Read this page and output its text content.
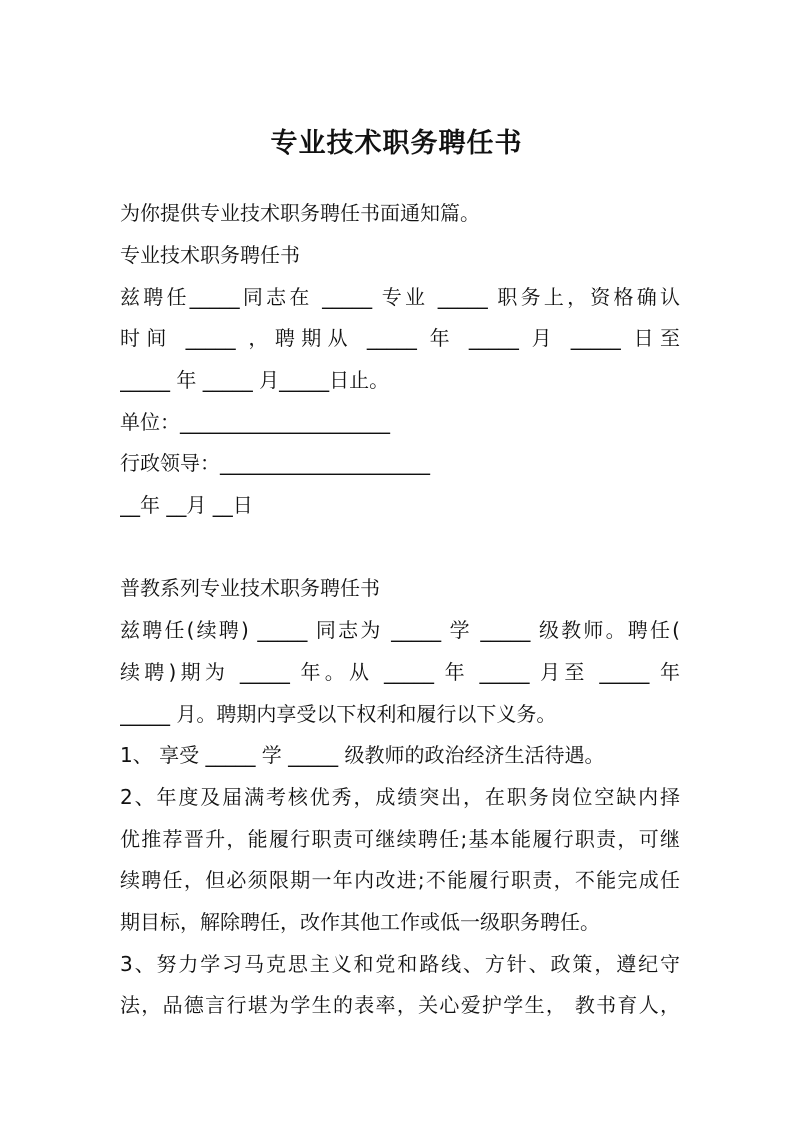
专业技术职务聘任书
为你提供专业技术职务聘任书面通知篇。
专业技术职务聘任书
兹聘任_____同志在 _____ 专业 _____ 职务上，资格确认
时间 _____ ，聘期从 _____ 年 _____ 月 _____ 日至
_____ 年 _____ 月_____日止。
单位：_____________________
行政领导：_____________________
__年 __月 __日
普教系列专业技术职务聘任书
兹聘任(续聘) _____ 同志为 _____ 学 _____ 级教师。聘任(
续聘)期为 _____ 年。从 _____ 年 _____ 月至 _____ 年
_____ 月。聘期内享受以下权利和履行以下义务。
1、 享受 _____ 学 _____ 级教师的政治经济生活待遇。
2、年度及届满考核优秀，成绩突出，在职务岗位空缺内择
优推荐晋升，能履行职责可继续聘任;基本能履行职责，可继
续聘任，但必须限期一年内改进;不能履行职责，不能完成任
期目标，解除聘任，改作其他工作或低一级职务聘任。
3、努力学习马克思主义和党和路线、方针、政策，遵纪守
法，品德言行堪为学生的表率，关心爱护学生， 教书育人，
